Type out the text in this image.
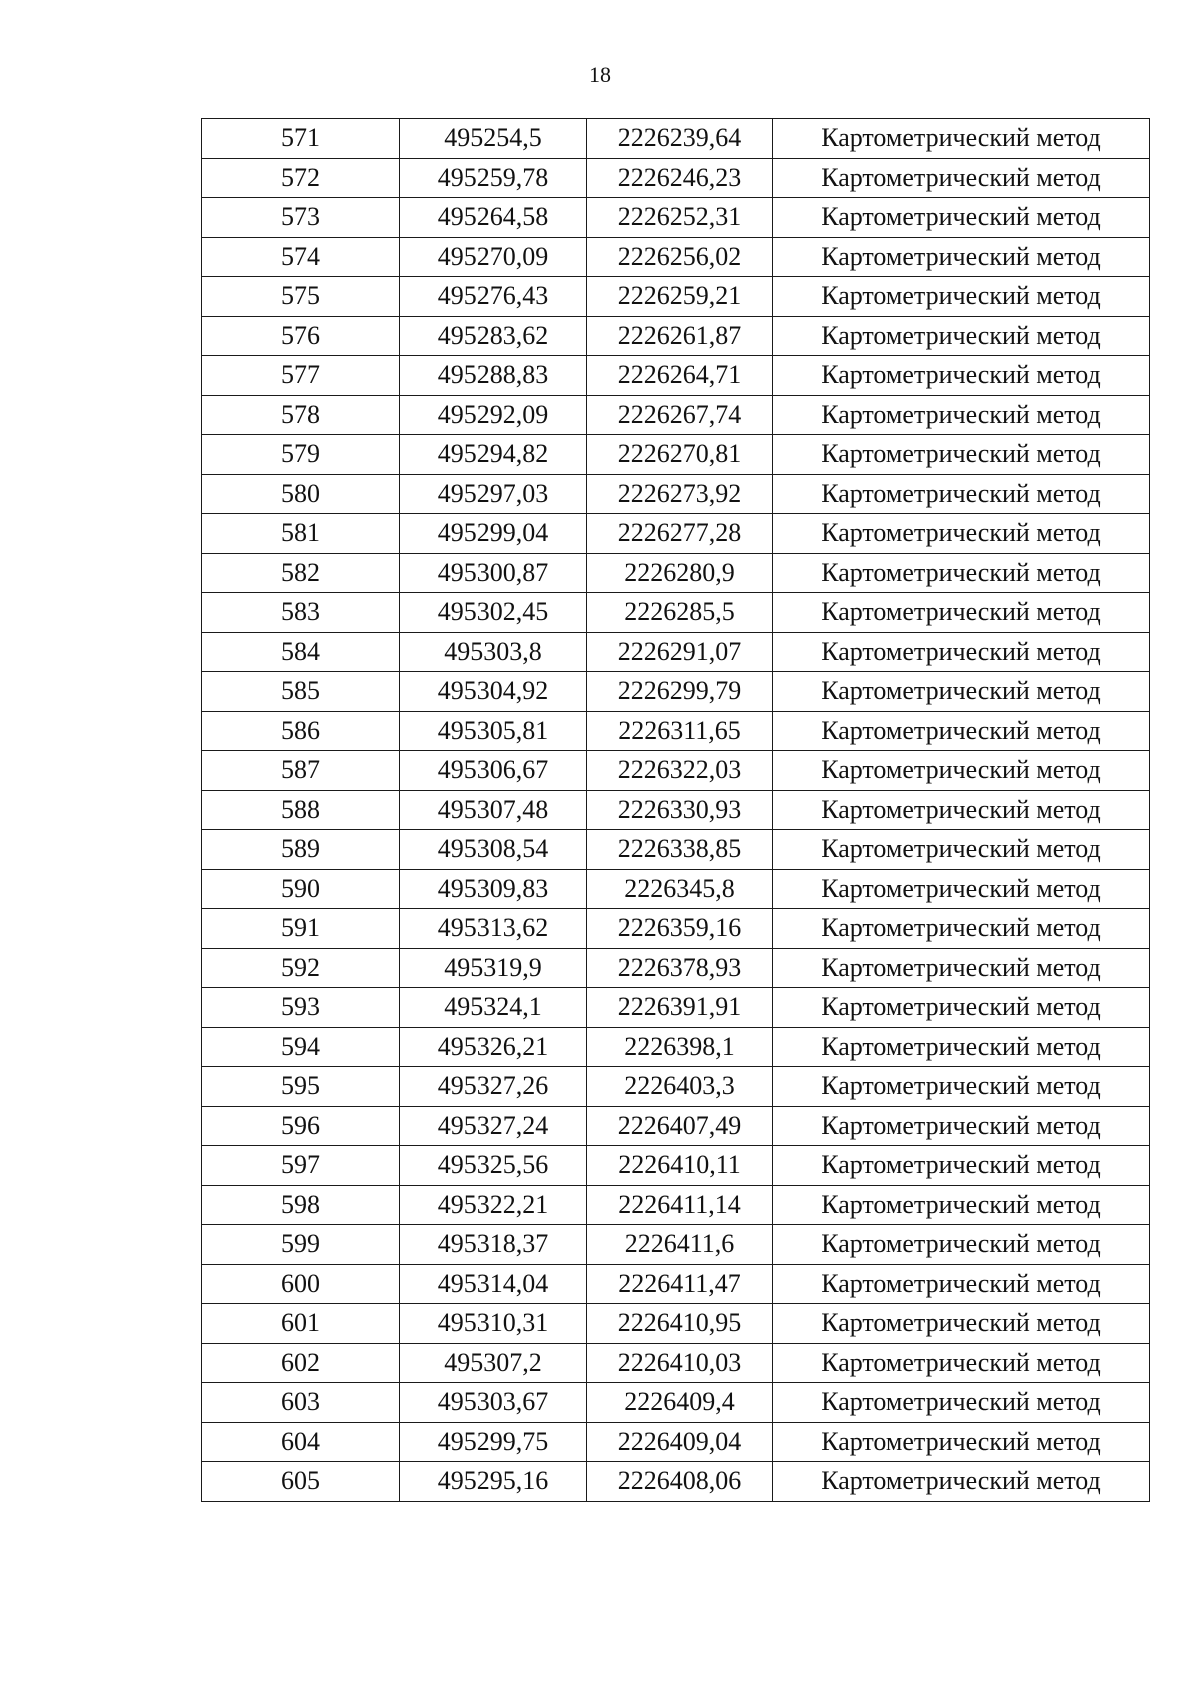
18
571	495254,5	2226239,64	Картометрический метод
572	495259,78	2226246,23	Картометрический метод
573	495264,58	2226252,31	Картометрический метод
574	495270,09	2226256,02	Картометрический метод
575	495276,43	2226259,21	Картометрический метод
576	495283,62	2226261,87	Картометрический метод
577	495288,83	2226264,71	Картометрический метод
578	495292,09	2226267,74	Картометрический метод
579	495294,82	2226270,81	Картометрический метод
580	495297,03	2226273,92	Картометрический метод
581	495299,04	2226277,28	Картометрический метод
582	495300,87	2226280,9	Картометрический метод
583	495302,45	2226285,5	Картометрический метод
584	495303,8	2226291,07	Картометрический метод
585	495304,92	2226299,79	Картометрический метод
586	495305,81	2226311,65	Картометрический метод
587	495306,67	2226322,03	Картометрический метод
588	495307,48	2226330,93	Картометрический метод
589	495308,54	2226338,85	Картометрический метод
590	495309,83	2226345,8	Картометрический метод
591	495313,62	2226359,16	Картометрический метод
592	495319,9	2226378,93	Картометрический метод
593	495324,1	2226391,91	Картометрический метод
594	495326,21	2226398,1	Картометрический метод
595	495327,26	2226403,3	Картометрический метод
596	495327,24	2226407,49	Картометрический метод
597	495325,56	2226410,11	Картометрический метод
598	495322,21	2226411,14	Картометрический метод
599	495318,37	2226411,6	Картометрический метод
600	495314,04	2226411,47	Картометрический метод
601	495310,31	2226410,95	Картометрический метод
602	495307,2	2226410,03	Картометрический метод
603	495303,67	2226409,4	Картометрический метод
604	495299,75	2226409,04	Картометрический метод
605	495295,16	2226408,06	Картометрический метод
